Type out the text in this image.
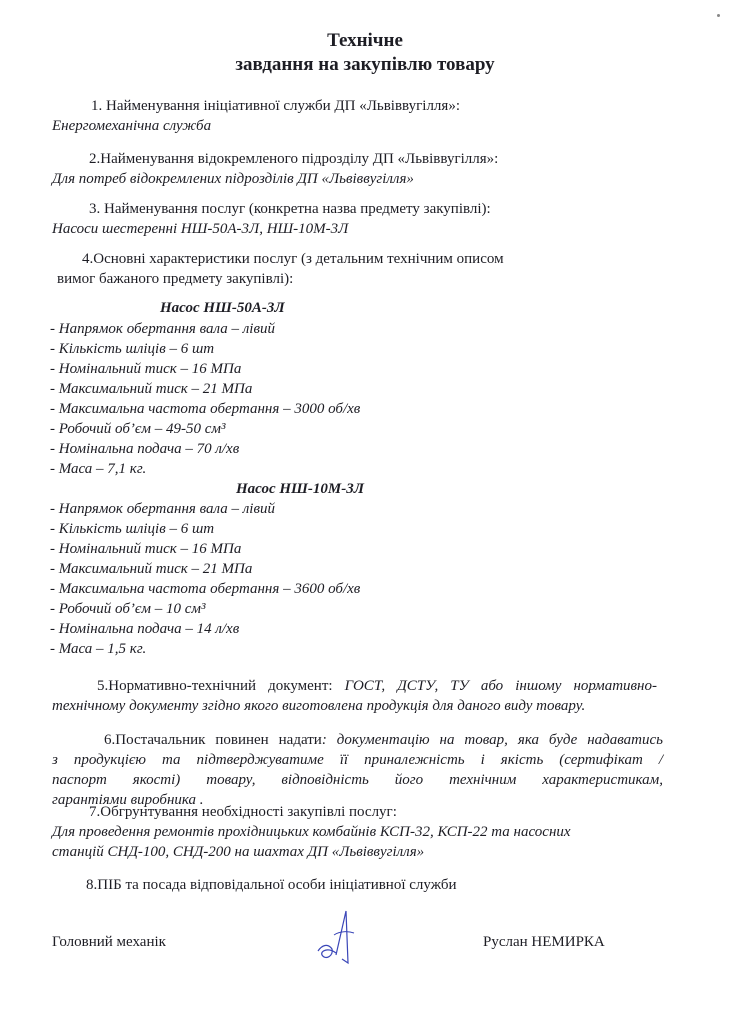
Технічне
завдання на закупівлю товару
1. Найменування ініціативної служби ДП «Львіввугілля»:
Енергомеханічна служба
2.Найменування відокремленого підрозділу ДП «Львіввугілля»:
Для потреб відокремлених підрозділів ДП «Львіввугілля»
3. Найменування послуг (конкретна назва предмету закупівлі):
Насоси шестеренні НШ-50А-3Л, НШ-10М-3Л
4.Основні характеристики послуг (з детальним технічним описом
вимог бажаного предмету закупівлі):
Насос НШ-50А-3Л
- Напрямок обертання вала – лівий
- Кількість шліців – 6 шт
- Номінальний тиск – 16 МПа
- Максимальний тиск – 21 МПа
- Максимальна частота обертання – 3000 об/хв
- Робочий об’єм – 49-50 см³
- Номінальна подача – 70 л/хв
- Маса – 7,1 кг.
Насос НШ-10М-3Л
- Напрямок обертання вала – лівий
- Кількість шліців – 6 шт
- Номінальний тиск – 16 МПа
- Максимальний тиск – 21 МПа
- Максимальна частота обертання – 3600 об/хв
- Робочий об’єм – 10 см³
- Номінальна подача – 14 л/хв
- Маса – 1,5 кг.
5.Нормативно-технічний документ: ГОСТ, ДСТУ, ТУ або іншому нормативно-
технічному документу згідно якого виготовлена продукція для даного виду товару.
6.Постачальник повинен надати: документацію на товар, яка буде надаватись
з продукцією та підтверджуватиме її приналежність і якість (сертифікат /
паспорт якості) товару, відповідність його технічним характеристикам,
гарантіями виробника .
7.Обгрунтування необхідності закупівлі послуг:
Для проведення ремонтів прохідницьких комбайнів КСП-32, КСП-22 та насосних
станцій СНД-100, СНД-200 на шахтах ДП «Львіввугілля»
8.ПІБ та посада відповідальної особи ініціативної служби
Головний механік	Руслан НЕМИРКА
